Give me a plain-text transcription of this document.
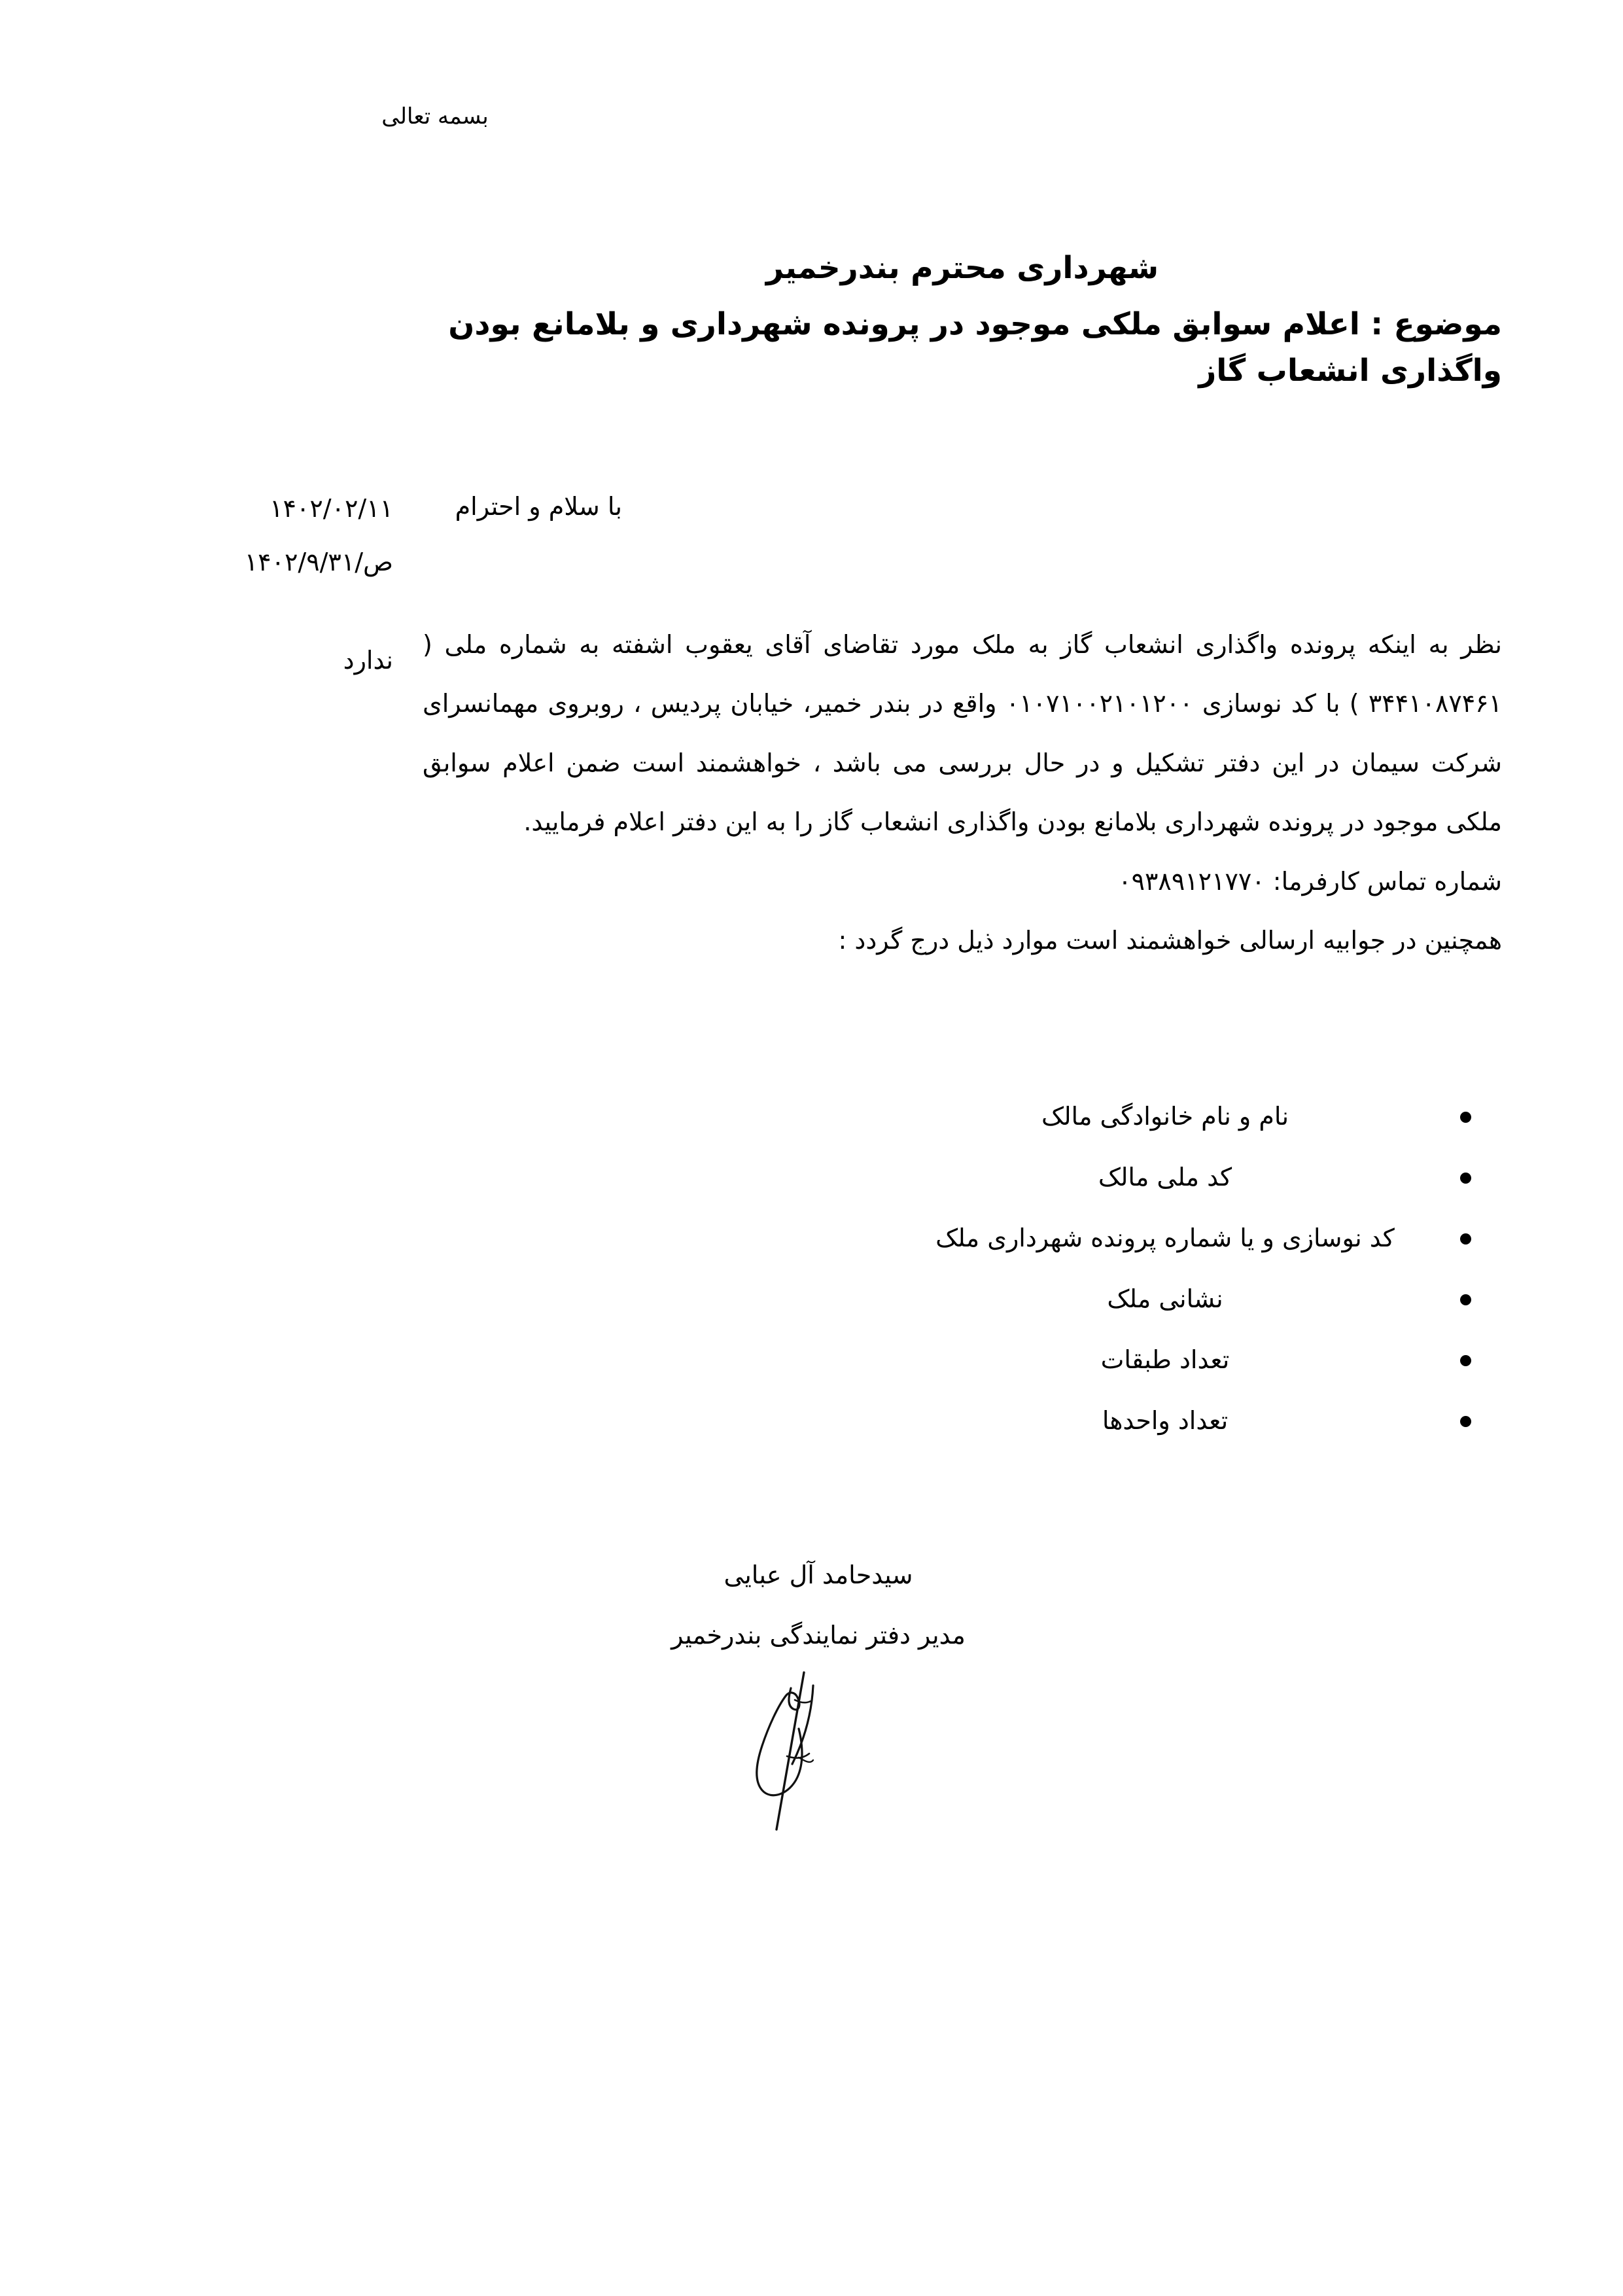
بسمه تعالی
شهرداری محترم بندرخمیر
موضوع : اعلام سوابق ملکی موجود در پرونده شهرداری و بلامانع بودن واگذاری انشعاب گاز
۱۴۰۲/۰۲/۱۱
ص/۱۴۰۲/۹/۳۱
ندارد
با سلام و احترام

نظر به اینکه پرونده واگذاری انشعاب گاز به ملک مورد تقاضای آقای یعقوب اشفته به شماره ملی ( ۳۴۴۱۰۸۷۴۶۱ ) با کد نوسازی ۰۱۰۷۱۰۰۲۱۰۱۲۰۰ واقع در بندر خمیر، خیابان پردیس ، روبروی مهمانسرای شرکت سیمان در این دفتر تشکیل و در حال بررسی می باشد ، خواهشمند است ضمن اعلام سوابق ملکی موجود در پرونده شهرداری بلامانع بودن واگذاری انشعاب گاز را به این دفتر اعلام فرمایید.

شماره تماس کارفرما: ۰۹۳۸۹۱۲۱۷۷۰

همچنین در جوابیه ارسالی خواهشمند است موارد ذیل درج گردد :

نام و نام خانوادگی مالک
کد ملی مالک
کد نوسازی و یا شماره پرونده شهرداری ملک
نشانی ملک
تعداد طبقات
تعداد واحدها
سیدحامد آل عبایی
مدیر دفتر نمایندگی بندرخمیر
